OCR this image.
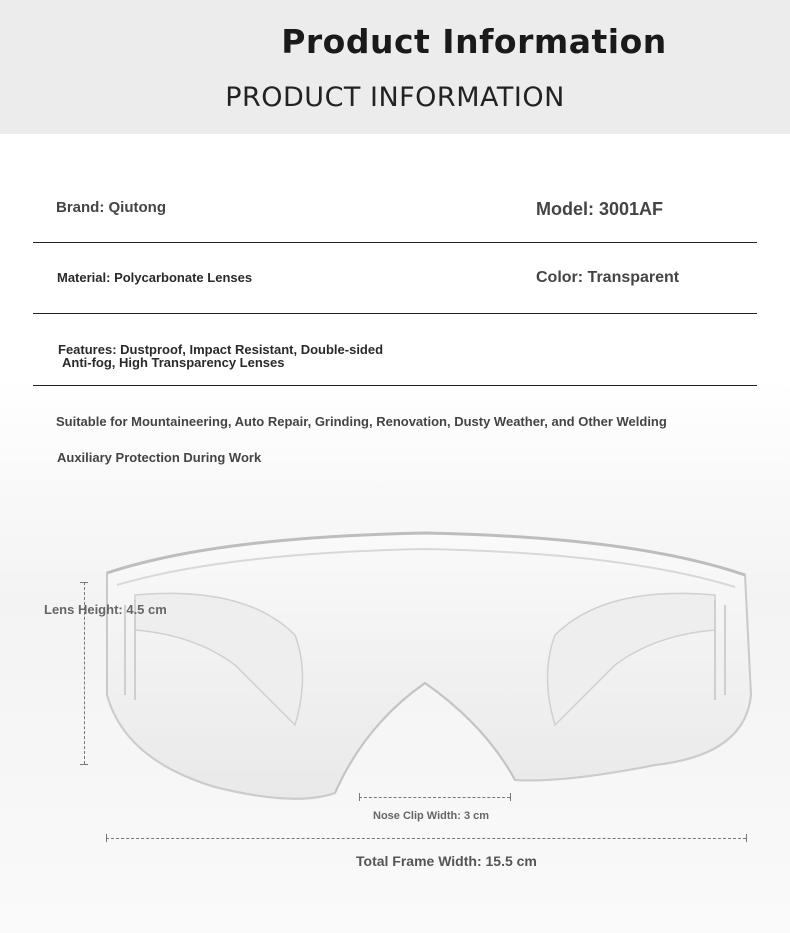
Product Information
PRODUCT INFORMATION
Brand: Qiutong	Model: 3001AF
Material: Polycarbonate Lenses	Color: Transparent
Features: Dustproof, Impact Resistant, Double-sided
Anti-fog, High Transparency Lenses
Suitable for Mountaineering, Auto Repair, Grinding, Renovation, Dusty Weather, and Other Welding
Auxiliary Protection During Work
Lens Height: 4.5 cm
Nose Clip Width: 3 cm
Total Frame Width: 15.5 cm
